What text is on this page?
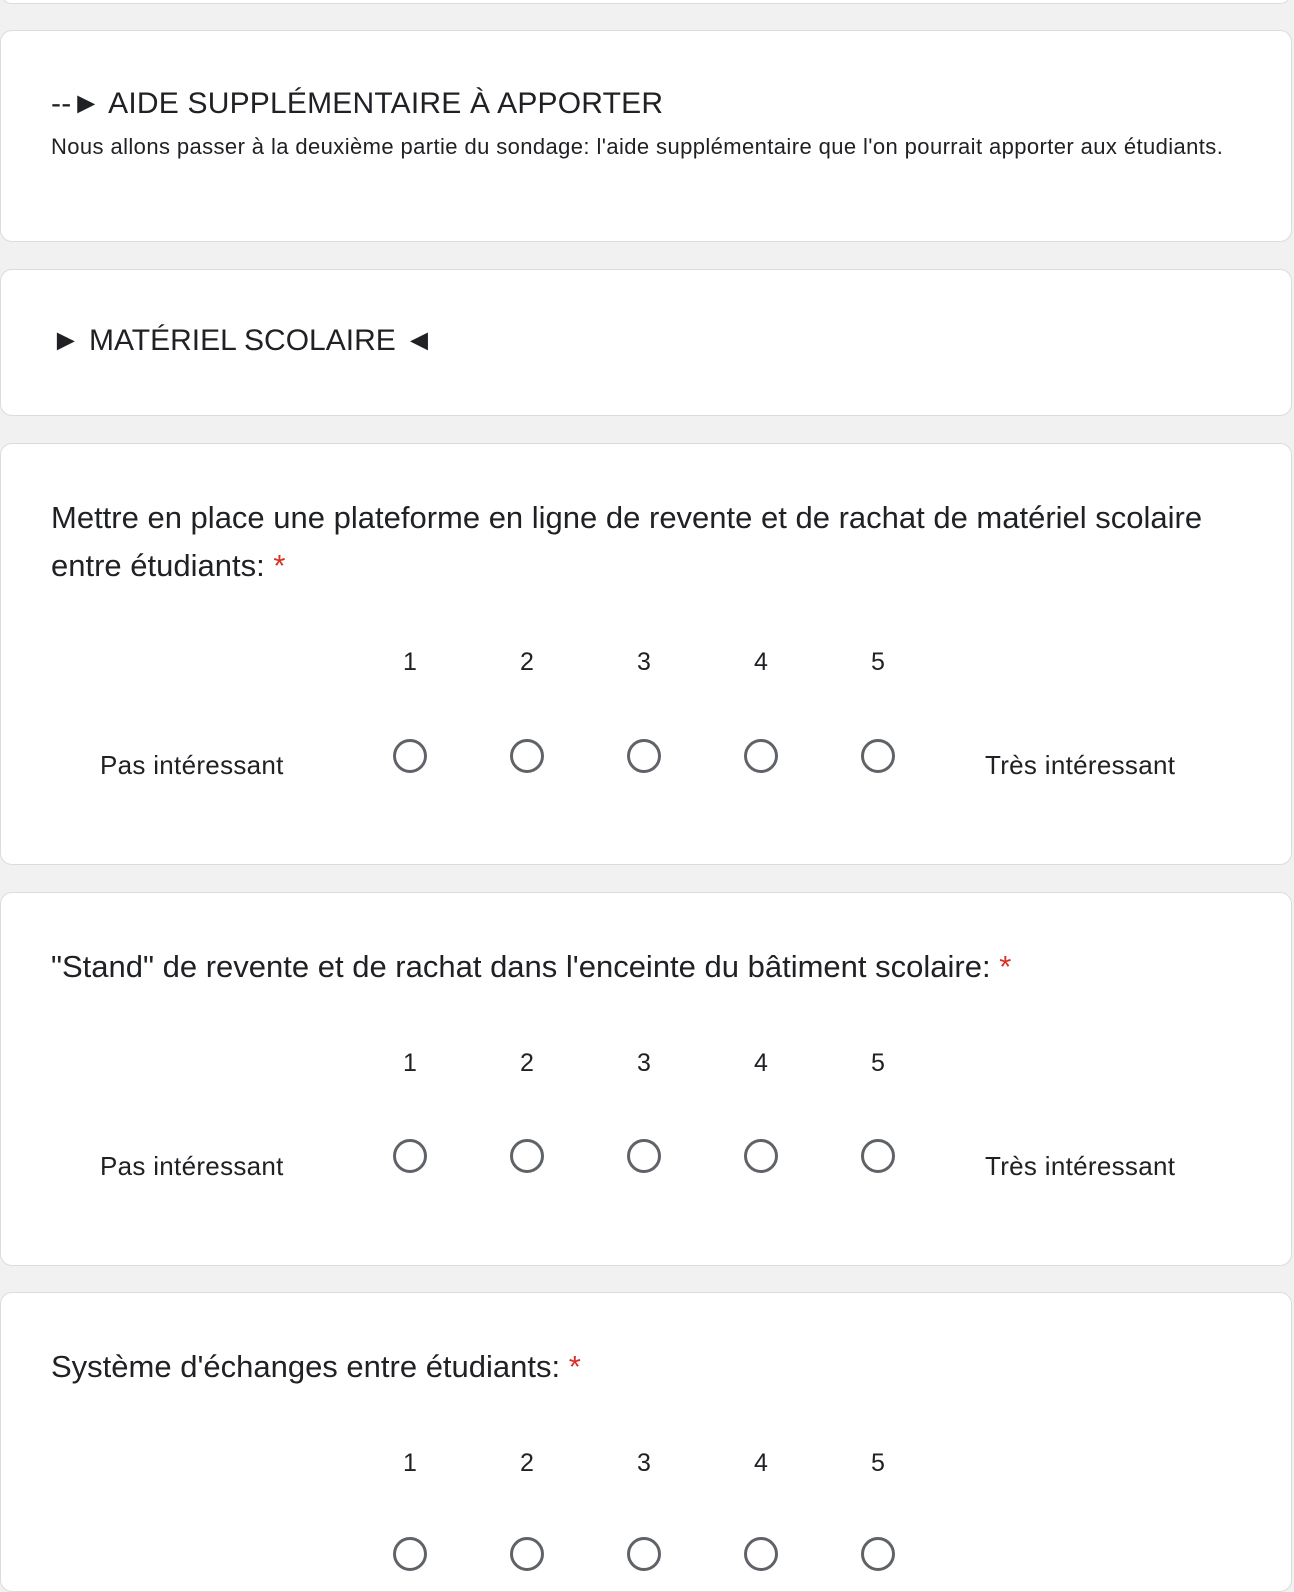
--► AIDE SUPPLÉMENTAIRE À APPORTER

Nous allons passer à la deuxième partie du sondage: l'aide supplémentaire que l'on pourrait apporter aux étudiants.

► MATÉRIEL SCOLAIRE ◄
Mettre en place une plateforme en ligne de revente et de rachat de matériel scolaire entre étudiants: *
1	2	3	4	5
Pas intéressant	Très intéressant
"Stand" de revente et de rachat dans l'enceinte du bâtiment scolaire: *
1	2	3	4	5
Pas intéressant	Très intéressant
Système d'échanges entre étudiants: *
1	2	3	4	5
